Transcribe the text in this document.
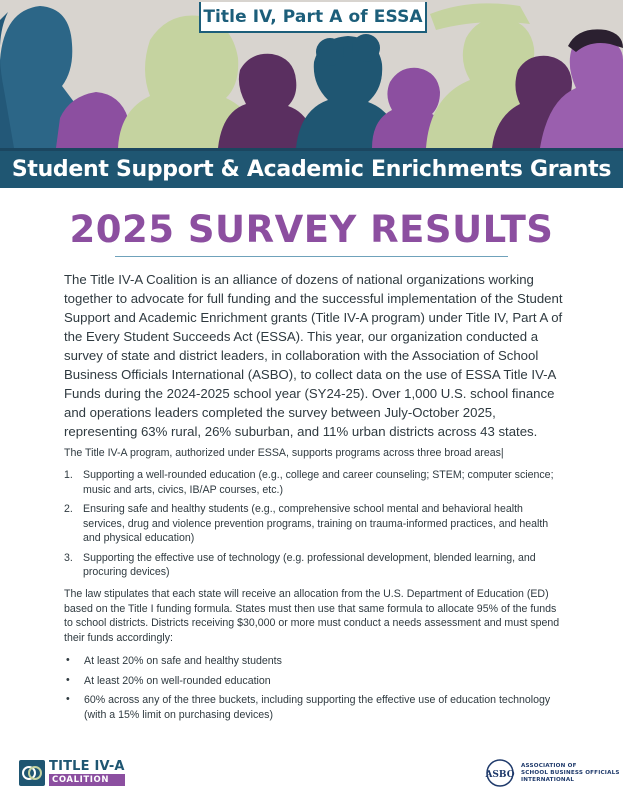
Title IV, Part A of ESSA
Student Support & Academic Enrichments Grants
2025 SURVEY RESULTS

The Title IV-A Coalition is an alliance of dozens of national organizations working together to advocate for full funding and the successful implementation of the Student Support and Academic Enrichment grants (Title IV-A program) under Title IV, Part A of the Every Student Succeeds Act (ESSA). This year, our organization conducted a survey of state and district leaders, in collaboration with the Association of School Business Officials International (ASBO), to collect data on the use of ESSA Title IV-A Funds during the 2024-2025 school year (SY24-25). Over 1,000 U.S. school finance and operations leaders completed the survey between July-October 2025, representing 63% rural, 26% suburban, and 11% urban districts across 43 states.

The Title IV-A program, authorized under ESSA, supports programs across three broad areas|

1. Supporting a well-rounded education (e.g., college and career counseling; STEM; computer science; music and arts, civics, IB/AP courses, etc.)
2. Ensuring safe and healthy students (e.g., comprehensive school mental and behavioral health services, drug and violence prevention programs, training on trauma-informed practices, and health and physical education)
3. Supporting the effective use of technology (e.g. professional development, blended learning, and procuring devices)

The law stipulates that each state will receive an allocation from the U.S. Department of Education (ED) based on the Title I funding formula. States must then use that same formula to allocate 95% of the funds to school districts. Districts receiving $30,000 or more must conduct a needs assessment and must spend their funds accordingly:

• At least 20% on safe and healthy students
• At least 20% on well-rounded education
• 60% across any of the three buckets, including supporting the effective use of education technology (with a 15% limit on purchasing devices)
TITLE IV-A
COALITION	ASBO
ASSOCIATION OF
SCHOOL BUSINESS OFFICIALS
INTERNATIONAL
